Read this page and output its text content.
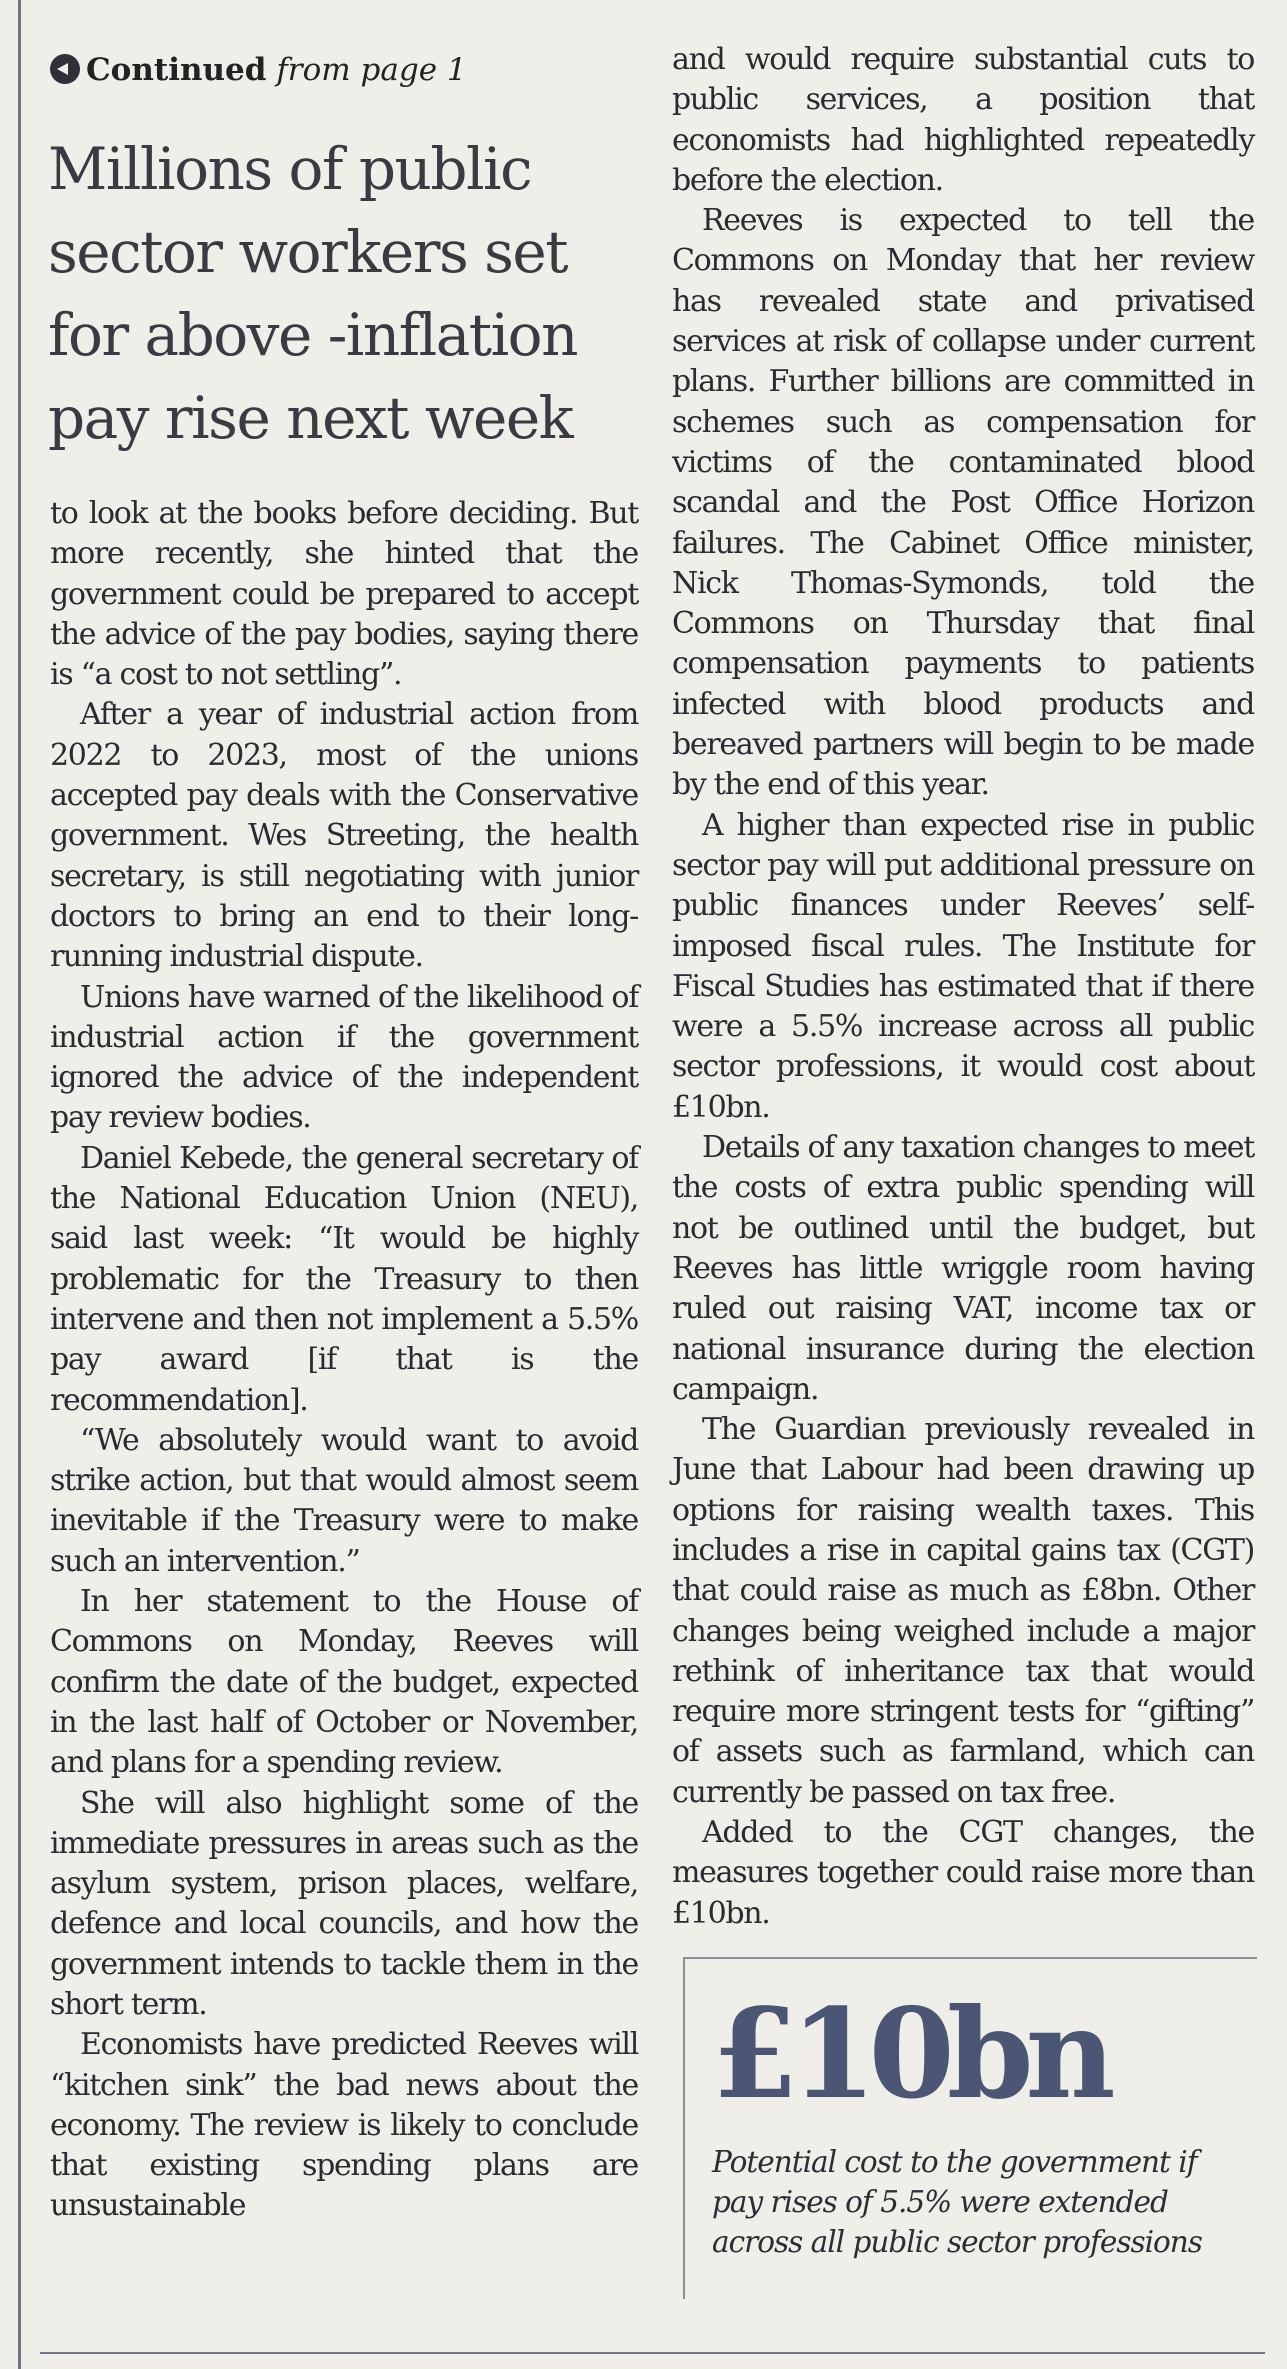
Continued from page 1
Millions of public sector workers set for above -inflation pay rise next week

to look at the books before deciding. But more recently, she hinted that the government could be prepared to accept the advice of the pay bodies, saying there is “a cost to not settling”.

After a year of industrial action from 2022 to 2023, most of the unions accepted pay deals with the Conservative government. Wes Streeting, the health secretary, is still negotiating with junior doctors to bring an end to their long-running industrial dispute.

Unions have warned of the likelihood of industrial action if the government ignored the advice of the independent pay review bodies.

Daniel Kebede, the general secretary of the National Education Union (NEU), said last week: “It would be highly problematic for the Treasury to then intervene and then not implement a 5.5% pay award [if that is the recommendation].

“We absolutely would want to avoid strike action, but that would almost seem inevitable if the Treasury were to make such an intervention.”

In her statement to the House of Commons on Monday, Reeves will confirm the date of the budget, expected in the last half of October or November, and plans for a spending review.

She will also highlight some of the immediate pressures in areas such as the asylum system, prison places, welfare, defence and local councils, and how the government intends to tackle them in the short term.

Economists have predicted Reeves will “kitchen sink” the bad news about the economy. The review is likely to conclude that existing spending plans are unsustainable

and would require substantial cuts to public services, a position that economists had highlighted repeatedly before the election.

Reeves is expected to tell the Commons on Monday that her review has revealed state and privatised services at risk of collapse under current plans. Further billions are committed in schemes such as compensation for victims of the contaminated blood scandal and the Post Office Horizon failures. The Cabinet Office minister, Nick Thomas-Symonds, told the Commons on Thursday that final compensation payments to patients infected with blood products and bereaved partners will begin to be made by the end of this year.

A higher than expected rise in public sector pay will put additional pressure on public finances under Reeves’ self-imposed fiscal rules. The Institute for Fiscal Studies has estimated that if there were a 5.5% increase across all public sector professions, it would cost about £10bn.

Details of any taxation changes to meet the costs of extra public spending will not be outlined until the budget, but Reeves has little wriggle room having ruled out raising VAT, income tax or national insurance during the election campaign.

The Guardian previously revealed in June that Labour had been drawing up options for raising wealth taxes. This includes a rise in capital gains tax (CGT) that could raise as much as £8bn. Other changes being weighed include a major rethink of inheritance tax that would require more stringent tests for “gifting” of assets such as farmland, which can currently be passed on tax free.

Added to the CGT changes, the measures together could raise more than £10bn.

£10bn
Potential cost to the government if pay rises of 5.5% were extended across all public sector professions
